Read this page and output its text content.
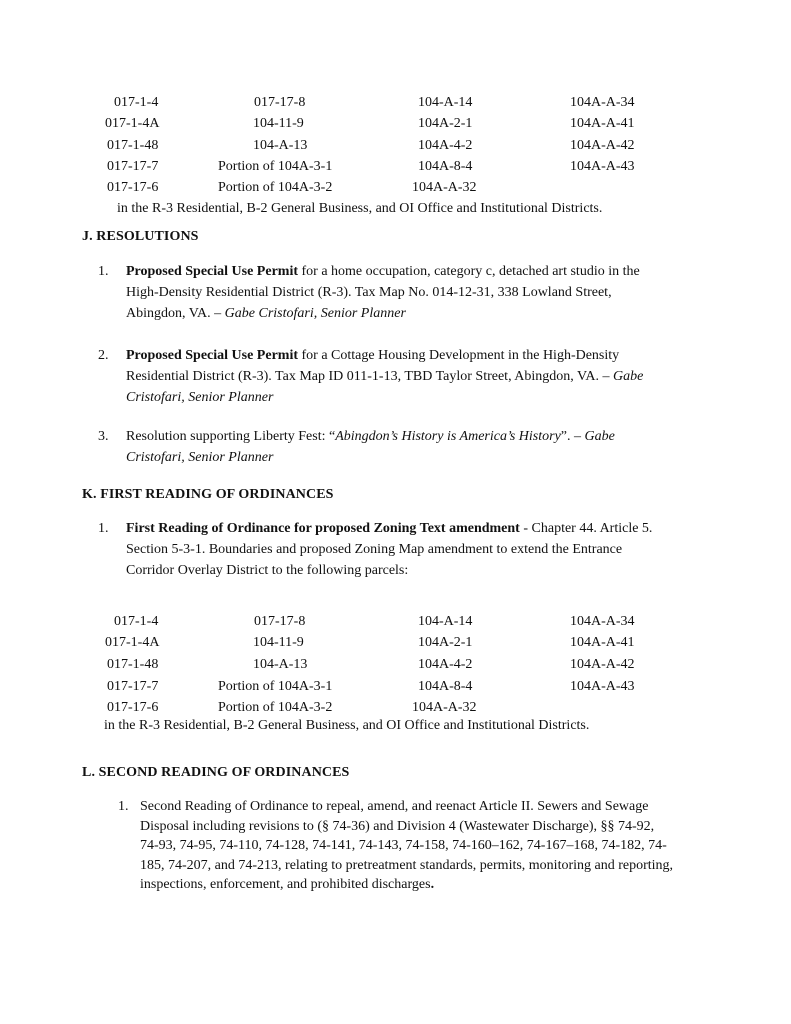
017-1-4	017-17-8	104-A-14	104A-A-34
017-1-4A	104-11-9	104A-2-1	104A-A-41
017-1-48	104-A-13	104A-4-2	104A-A-42
017-17-7	Portion of 104A-3-1	104A-8-4	104A-A-43
017-17-6	Portion of 104A-3-2	104A-A-32
in the R-3 Residential, B-2 General Business, and OI Office and Institutional Districts.
J. RESOLUTIONS
1. Proposed Special Use Permit for a home occupation, category c, detached art studio in the
High-Density Residential District (R-3). Tax Map No. 014-12-31, 338 Lowland Street,
Abingdon, VA. – Gabe Cristofari, Senior Planner
2. Proposed Special Use Permit for a Cottage Housing Development in the High-Density
Residential District (R-3). Tax Map ID 011-1-13, TBD Taylor Street, Abingdon, VA. – Gabe
Cristofari, Senior Planner
3. Resolution supporting Liberty Fest: “Abingdon’s History is America’s History”. – Gabe
Cristofari, Senior Planner
K. FIRST READING OF ORDINANCES
1. First Reading of Ordinance for proposed Zoning Text amendment - Chapter 44. Article 5.
Section 5-3-1. Boundaries and proposed Zoning Map amendment to extend the Entrance
Corridor Overlay District to the following parcels:
017-1-4	017-17-8	104-A-14	104A-A-34
017-1-4A	104-11-9	104A-2-1	104A-A-41
017-1-48	104-A-13	104A-4-2	104A-A-42
017-17-7	Portion of 104A-3-1	104A-8-4	104A-A-43
017-17-6	Portion of 104A-3-2	104A-A-32
in the R-3 Residential, B-2 General Business, and OI Office and Institutional Districts.
L. SECOND READING OF ORDINANCES
1. Second Reading of Ordinance to repeal, amend, and reenact Article II. Sewers and Sewage
Disposal including revisions to (§ 74-36) and Division 4 (Wastewater Discharge), §§ 74-92,
74-93, 74-95, 74-110, 74-128, 74-141, 74-143, 74-158, 74-160–162, 74-167–168, 74-182, 74-
185, 74-207, and 74-213, relating to pretreatment standards, permits, monitoring and reporting,
inspections, enforcement, and prohibited discharges.
